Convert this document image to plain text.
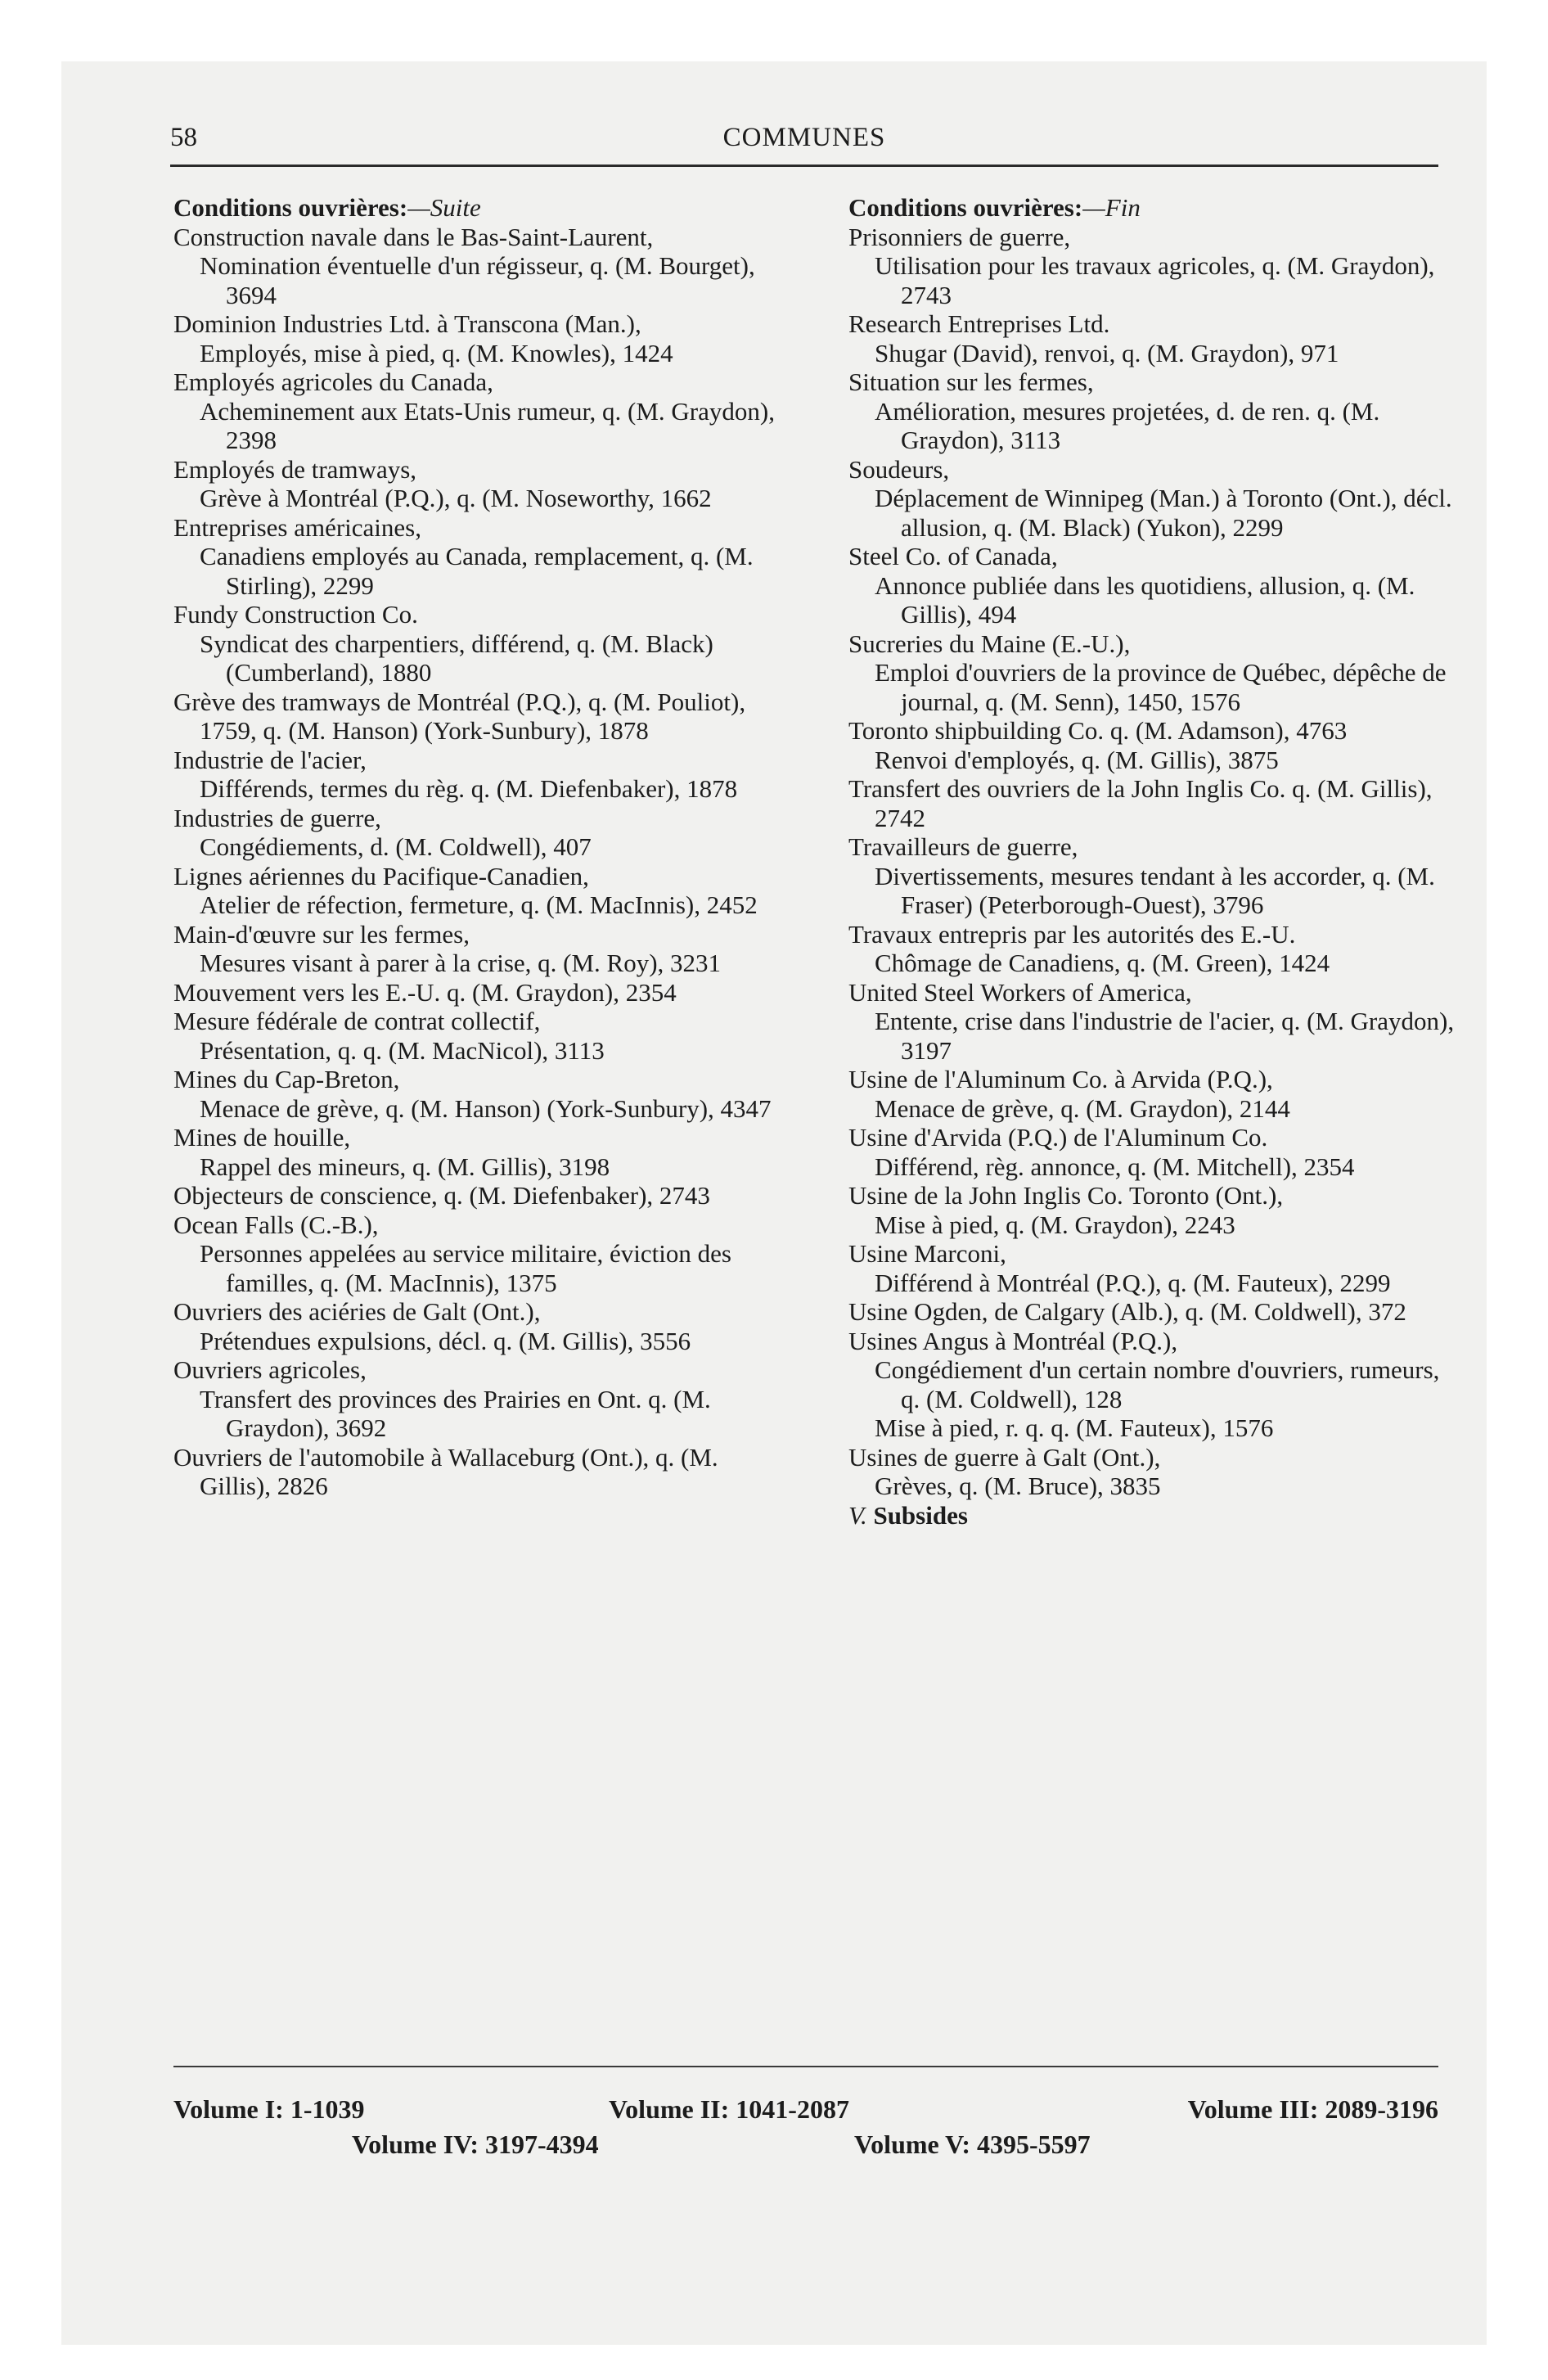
58	COMMUNES
Conditions ouvrières:—Suite
Construction navale dans le Bas-Saint-Laurent,
Nomination éventuelle d'un régisseur, q. (M. Bourget), 3694
Dominion Industries Ltd. à Transcona (Man.),
Employés, mise à pied, q. (M. Knowles), 1424
Employés agricoles du Canada,
Acheminement aux Etats-Unis rumeur, q. (M. Graydon), 2398
Employés de tramways,
Grève à Montréal (P.Q.), q. (M. Noseworthy, 1662
Entreprises américaines,
Canadiens employés au Canada, remplacement, q. (M. Stirling), 2299
Fundy Construction Co.
Syndicat des charpentiers, différend, q. (M. Black) (Cumberland), 1880
Grève des tramways de Montréal (P.Q.), q. (M. Pouliot), 1759, q. (M. Hanson) (York-Sunbury), 1878
Industrie de l'acier,
Différends, termes du règ. q. (M. Diefenbaker), 1878
Industries de guerre,
Congédiements, d. (M. Coldwell), 407
Lignes aériennes du Pacifique-Canadien,
Atelier de réfection, fermeture, q. (M. MacInnis), 2452
Main-d'œuvre sur les fermes,
Mesures visant à parer à la crise, q. (M. Roy), 3231
Mouvement vers les E.-U. q. (M. Graydon), 2354
Mesure fédérale de contrat collectif,
Présentation, q. q. (M. MacNicol), 3113
Mines du Cap-Breton,
Menace de grève, q. (M. Hanson) (York-Sunbury), 4347
Mines de houille,
Rappel des mineurs, q. (M. Gillis), 3198
Objecteurs de conscience, q. (M. Diefenbaker), 2743
Ocean Falls (C.-B.),
Personnes appelées au service militaire, éviction des familles, q. (M. MacInnis), 1375
Ouvriers des aciéries de Galt (Ont.),
Prétendues expulsions, décl. q. (M. Gillis), 3556
Ouvriers agricoles,
Transfert des provinces des Prairies en Ont. q. (M. Graydon), 3692
Ouvriers de l'automobile à Wallaceburg (Ont.), q. (M. Gillis), 2826
Conditions ouvrières:—Fin
Prisonniers de guerre,
Utilisation pour les travaux agricoles, q. (M. Graydon), 2743
Research Entreprises Ltd.
Shugar (David), renvoi, q. (M. Graydon), 971
Situation sur les fermes,
Amélioration, mesures projetées, d. de ren. q. (M. Graydon), 3113
Soudeurs,
Déplacement de Winnipeg (Man.) à Toronto (Ont.), décl. allusion, q. (M. Black) (Yukon), 2299
Steel Co. of Canada,
Annonce publiée dans les quotidiens, allusion, q. (M. Gillis), 494
Sucreries du Maine (E.-U.),
Emploi d'ouvriers de la province de Québec, dépêche de journal, q. (M. Senn), 1450, 1576
Toronto shipbuilding Co. q. (M. Adamson), 4763
Renvoi d'employés, q. (M. Gillis), 3875
Transfert des ouvriers de la John Inglis Co. q. (M. Gillis), 2742
Travailleurs de guerre,
Divertissements, mesures tendant à les accorder, q. (M. Fraser) (Peterborough-Ouest), 3796
Travaux entrepris par les autorités des E.-U.
Chômage de Canadiens, q. (M. Green), 1424
United Steel Workers of America,
Entente, crise dans l'industrie de l'acier, q. (M. Graydon), 3197
Usine de l'Aluminum Co. à Arvida (P.Q.),
Menace de grève, q. (M. Graydon), 2144
Usine d'Arvida (P.Q.) de l'Aluminum Co.
Différend, règ. annonce, q. (M. Mitchell), 2354
Usine de la John Inglis Co. Toronto (Ont.),
Mise à pied, q. (M. Graydon), 2243
Usine Marconi,
Différend à Montréal (P.Q.), q. (M. Fauteux), 2299
Usine Ogden, de Calgary (Alb.), q. (M. Coldwell), 372
Usines Angus à Montréal (P.Q.),
Congédiement d'un certain nombre d'ouvriers, rumeurs, q. (M. Coldwell), 128
Mise à pied, r. q. q. (M. Fauteux), 1576
Usines de guerre à Galt (Ont.),
Grèves, q. (M. Bruce), 3835
V. Subsides
Volume I: 1-1039	Volume II: 1041-2087	Volume III: 2089-3196
Volume IV: 3197-4394	Volume V: 4395-5597
